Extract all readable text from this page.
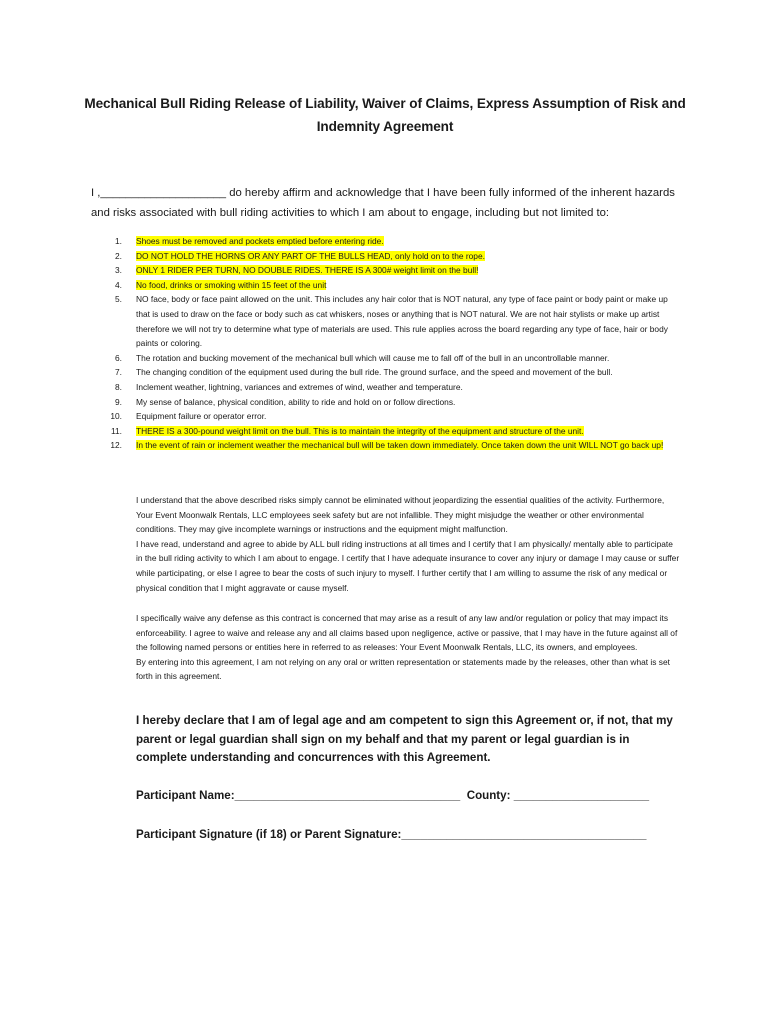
Mechanical Bull Riding Release of Liability, Waiver of Claims, Express Assumption of Risk and Indemnity Agreement
I ,____________________ do hereby affirm and acknowledge that I have been fully informed of the inherent hazards and risks associated with bull riding activities to which I am about to engage, including but not limited to:
1. Shoes must be removed and pockets emptied before entering ride.
2. DO NOT HOLD THE HORNS OR ANY PART OF THE BULLS HEAD, only hold on to the rope.
3. ONLY 1 RIDER PER TURN, NO DOUBLE RIDES. THERE IS A 300# weight limit on the bull!
4. No food, drinks or smoking within 15 feet of the unit
5. NO face, body or face paint allowed on the unit. This includes any hair color that is NOT natural, any type of face paint or body paint or make up that is used to draw on the face or body such as cat whiskers, noses or anything that is NOT natural. We are not hair stylists or make up artist therefore we will not try to determine what type of materials are used. This rule applies across the board regarding any type of face, hair or body paints or coloring.
6. The rotation and bucking movement of the mechanical bull which will cause me to fall off of the bull in an uncontrollable manner.
7. The changing condition of the equipment used during the bull ride. The ground surface, and the speed and movement of the bull.
8. Inclement weather, lightning, variances and extremes of wind, weather and temperature.
9. My sense of balance, physical condition, ability to ride and hold on or follow directions.
10. Equipment failure or operator error.
11. THERE IS a 300-pound weight limit on the bull. This is to maintain the integrity of the equipment and structure of the unit.
12. In the event of rain or inclement weather the mechanical bull will be taken down immediately. Once taken down the unit WILL NOT go back up!

I understand that the above described risks simply cannot be eliminated without jeopardizing the essential qualities of the activity. Furthermore, Your Event Moonwalk Rentals, LLC employees seek safety but are not infallible. They might misjudge the weather or other environmental conditions. They may give incomplete warnings or instructions and the equipment might malfunction.

I have read, understand and agree to abide by ALL bull riding instructions at all times and I certify that I am physically/ mentally able to participate in the bull riding activity to which I am about to engage. I certify that I have adequate insurance to cover any injury or damage I may cause or suffer while participating, or else I agree to bear the costs of such injury to myself. I further certify that I am willing to assume the risk of any medical or physical condition that I might aggravate or cause myself.

I specifically waive any defense as this contract is concerned that may arise as a result of any law and/or regulation or policy that may impact its enforceability. I agree to waive and release any and all claims based upon negligence, active or passive, that I may have in the future against all of the following named persons or entities here in referred to as releases: Your Event Moonwalk Rentals, LLC, its owners, and employees.

By entering into this agreement, I am not relying on any oral or written representation or statements made by the releases, other than what is set forth in this agreement.

I hereby declare that I am of legal age and am competent to sign this Agreement or, if not, that my parent or legal guardian shall sign on my behalf and that my parent or legal guardian is in complete understanding and concurrences with this Agreement.
Participant Name:___________________________________  County: _____________________
Participant Signature (if 18) or Parent Signature:______________________________________
